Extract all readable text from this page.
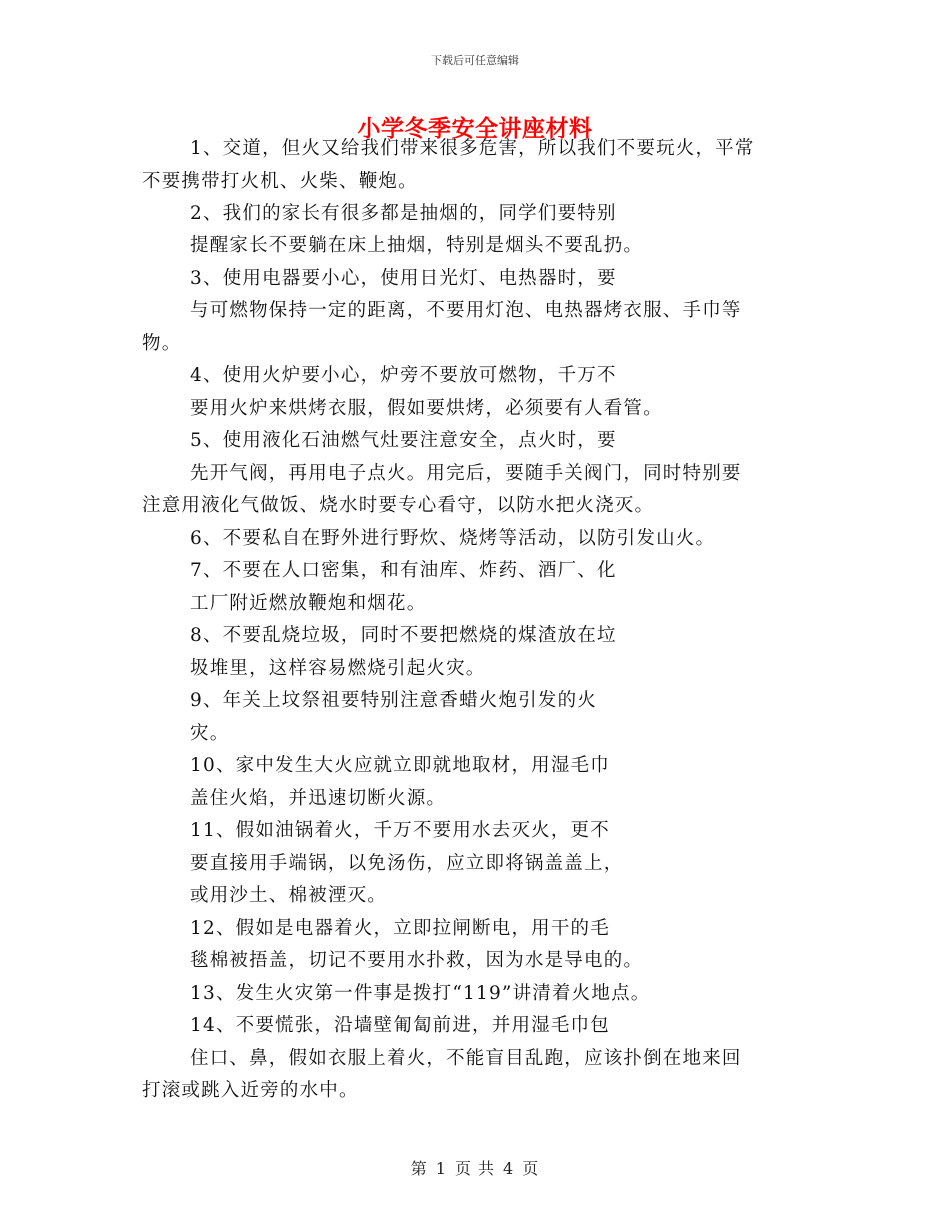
下载后可任意编辑
小学冬季安全讲座材料
1、交道，但火又给我们带来很多危害，所以我们不要玩火，平常
不要携带打火机、火柴、鞭炮。
2、我们的家长有很多都是抽烟的，同学们要特别
提醒家长不要躺在床上抽烟，特别是烟头不要乱扔。
3、使用电器要小心，使用日光灯、电热器时，要
与可燃物保持一定的距离，不要用灯泡、电热器烤衣服、手巾等
物。
4、使用火炉要小心，炉旁不要放可燃物，千万不
要用火炉来烘烤衣服，假如要烘烤，必须要有人看管。
5、使用液化石油燃气灶要注意安全，点火时，要
先开气阀，再用电子点火。用完后，要随手关阀门，同时特别要
注意用液化气做饭、烧水时要专心看守，以防水把火浇灭。
6、不要私自在野外进行野炊、烧烤等活动，以防引发山火。
7、不要在人口密集，和有油库、炸药、酒厂、化
工厂附近燃放鞭炮和烟花。
8、不要乱烧垃圾，同时不要把燃烧的煤渣放在垃
圾堆里，这样容易燃烧引起火灾。
9、年关上坟祭祖要特别注意香蜡火炮引发的火
灾。
10、家中发生大火应就立即就地取材，用湿毛巾
盖住火焰，并迅速切断火源。
11、假如油锅着火，千万不要用水去灭火，更不
要直接用手端锅，以免汤伤，应立即将锅盖盖上，
或用沙土、棉被湮灭。
12、假如是电器着火，立即拉闸断电，用干的毛
毯棉被捂盖，切记不要用水扑救，因为水是导电的。
13、发生火灾第一件事是拨打“119”讲清着火地点。
14、不要慌张，沿墙壁匍匐前进，并用湿毛巾包
住口、鼻，假如衣服上着火，不能盲目乱跑，应该扑倒在地来回
打滚或跳入近旁的水中。
第 1 页 共 4 页
